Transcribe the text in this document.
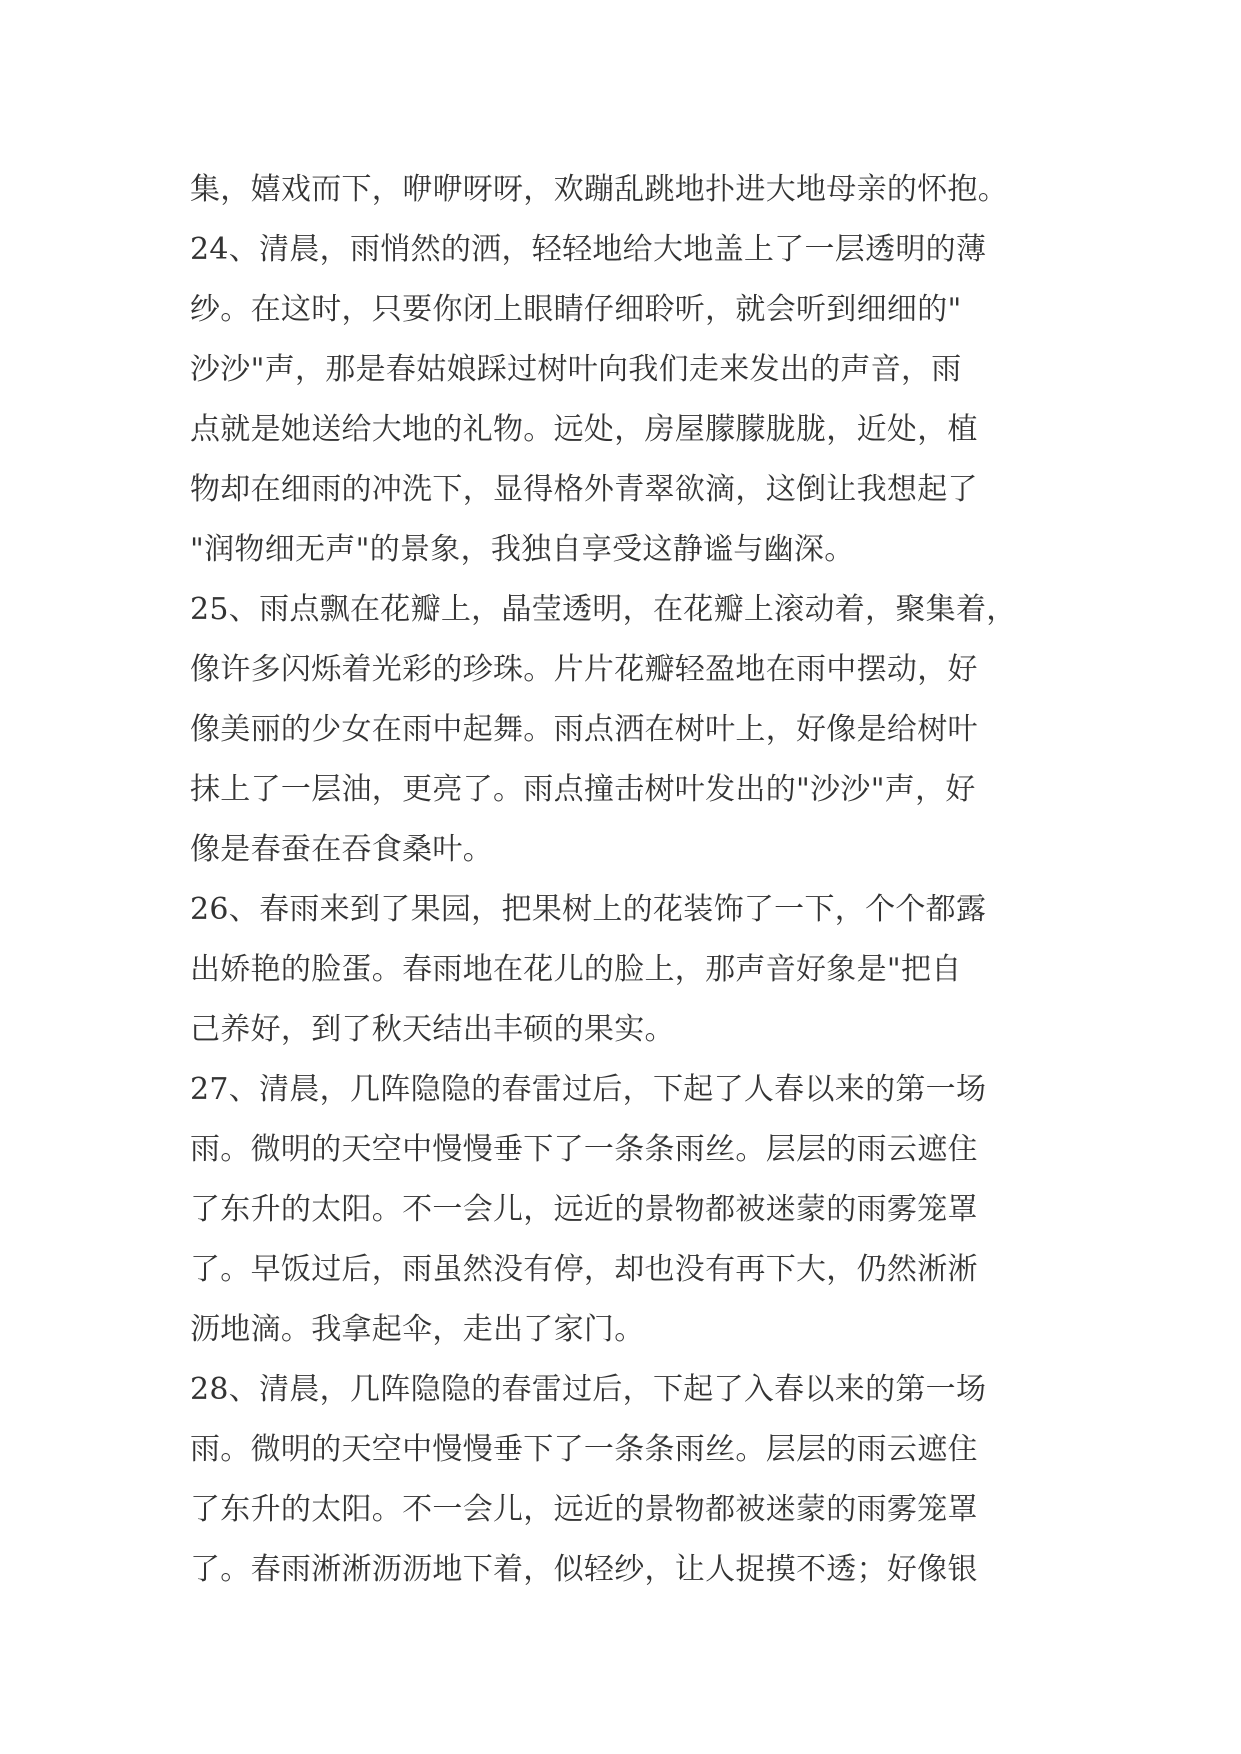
集，嬉戏而下，咿咿呀呀，欢蹦乱跳地扑进大地母亲的怀抱。
24、清晨，雨悄然的洒，轻轻地给大地盖上了一层透明的薄
纱。在这时，只要你闭上眼睛仔细聆听，就会听到细细的"
沙沙"声，那是春姑娘踩过树叶向我们走来发出的声音，雨
点就是她送给大地的礼物。远处，房屋朦朦胧胧，近处，植
物却在细雨的冲洗下，显得格外青翠欲滴，这倒让我想起了
"润物细无声"的景象，我独自享受这静谧与幽深。
25、雨点飘在花瓣上，晶莹透明，在花瓣上滚动着，聚集着，
像许多闪烁着光彩的珍珠。片片花瓣轻盈地在雨中摆动，好
像美丽的少女在雨中起舞。雨点洒在树叶上，好像是给树叶
抹上了一层油，更亮了。雨点撞击树叶发出的"沙沙"声，好
像是春蚕在吞食桑叶。
26、春雨来到了果园，把果树上的花装饰了一下，个个都露
出娇艳的脸蛋。春雨地在花儿的脸上，那声音好象是"把自
己养好，到了秋天结出丰硕的果实。
27、清晨，几阵隐隐的春雷过后，下起了人春以来的第一场
雨。微明的天空中慢慢垂下了一条条雨丝。层层的雨云遮住
了东升的太阳。不一会儿，远近的景物都被迷蒙的雨雾笼罩
了。早饭过后，雨虽然没有停，却也没有再下大，仍然淅淅
沥地滴。我拿起伞，走出了家门。
28、清晨，几阵隐隐的春雷过后，下起了入春以来的第一场
雨。微明的天空中慢慢垂下了一条条雨丝。层层的雨云遮住
了东升的太阳。不一会儿，远近的景物都被迷蒙的雨雾笼罩
了。春雨淅淅沥沥地下着，似轻纱，让人捉摸不透；好像银
